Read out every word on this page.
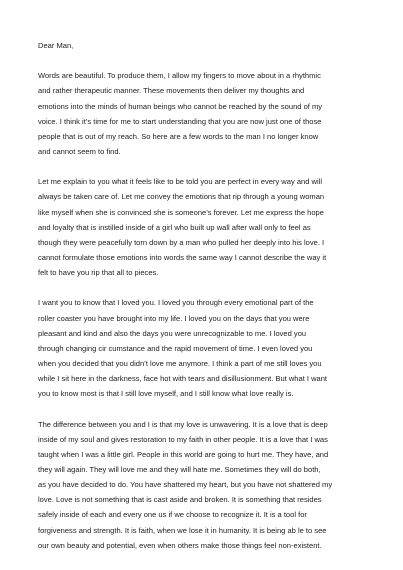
Dear Man,
Words are beautiful. To produce them, I allow my fingers to move about in a rhythmic
and rather therapeutic manner. These movements then deliver my thoughts and
emotions into the minds of human beings who cannot be reached by the sound of my
voice. I think it’s time for me to start understanding that you are now just one of those
people that is out of my reach. So here are a few words to the man I no longer know
and cannot seem to find.
Let me explain to you what it feels like to be told you are perfect in every way and will
always be taken care of. Let me convey the emotions that rip through a young woman
like myself when she is convinced she is someone’s forever. Let me express the hope
and loyalty that is instilled inside of a girl who built up wall after wall only to feel as
though they were peacefully torn down by a man who pulled her deeply into his love. I
cannot formulate those emotions into words the same way I cannot describe the way it
felt to have you rip that all to pieces.
I want you to know that I loved you. I loved you through every emotional part of the
roller coaster you have brought into my life. I loved you on the days that you were
pleasant and kind and also the days you were unrecognizable to me. I loved you
through changing cir cumstance and the rapid movement of time. I even loved you
when you decided that you didn’t love me anymore. I think a part of me still loves you
while I sit here in the darkness, face hot with tears and disillusionment. But what I want
you to know most is that I still love myself, and I still know what love really is.
The difference between you and I is that my love is unwavering. It is a love that is deep
inside of my soul and gives restoration to my faith in other people. It is a love that I was
taught when I was a little girl. People in this world are going to hurt me. They have, and
they will again. They will love me and they will hate me. Sometimes they will do both,
as you have decided to do. You have shattered my heart, but you have not shattered my
love. Love is not something that is cast aside and broken. It is something that resides
safely inside of each and every one us if we choose to recognize it. It is a tool for
forgiveness and strength. It is faith, when we lose it in humanity. It is being ab le to see
our own beauty and potential, even when others make those things feel non-existent.
